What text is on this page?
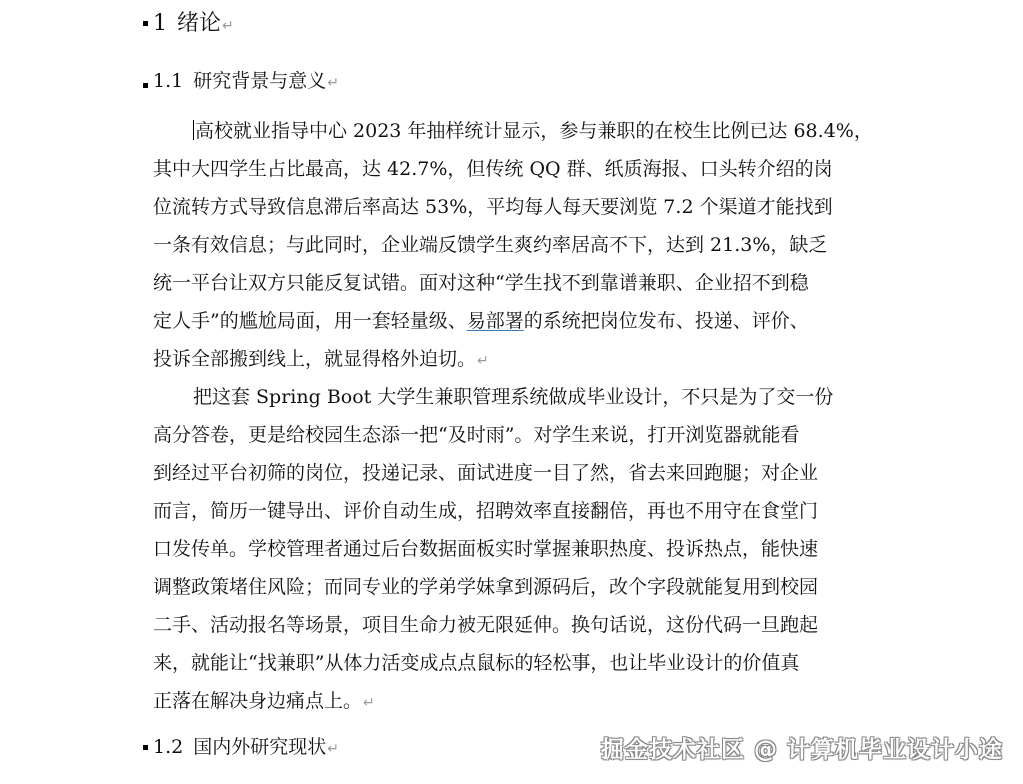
1 绪论↵
1.1 研究背景与意义↵
高校就业指导中心 2023 年抽样统计显示，参与兼职的在校生比例已达 68.4%，
其中大四学生占比最高，达 42.7%，但传统 QQ 群、纸质海报、口头转介绍的岗
位流转方式导致信息滞后率高达 53%，平均每人每天要浏览 7.2 个渠道才能找到
一条有效信息；与此同时，企业端反馈学生爽约率居高不下，达到 21.3%，缺乏
统一平台让双方只能反复试错。面对这种“学生找不到靠谱兼职、企业招不到稳
定人手”的尴尬局面，用一套轻量级、易部署的系统把岗位发布、投递、评价、
投诉全部搬到线上，就显得格外迫切。↵
把这套 Spring Boot 大学生兼职管理系统做成毕业设计，不只是为了交一份
高分答卷，更是给校园生态添一把“及时雨”。对学生来说，打开浏览器就能看
到经过平台初筛的岗位，投递记录、面试进度一目了然，省去来回跑腿；对企业
而言，简历一键导出、评价自动生成，招聘效率直接翻倍，再也不用守在食堂门
口发传单。学校管理者通过后台数据面板实时掌握兼职热度、投诉热点，能快速
调整政策堵住风险；而同专业的学弟学妹拿到源码后，改个字段就能复用到校园
二手、活动报名等场景，项目生命力被无限延伸。换句话说，这份代码一旦跑起
来，就能让“找兼职”从体力活变成点点鼠标的轻松事，也让毕业设计的价值真
正落在解决身边痛点上。↵
1.2 国内外研究现状↵	掘金技术社区 @ 计算机毕业设计小途
